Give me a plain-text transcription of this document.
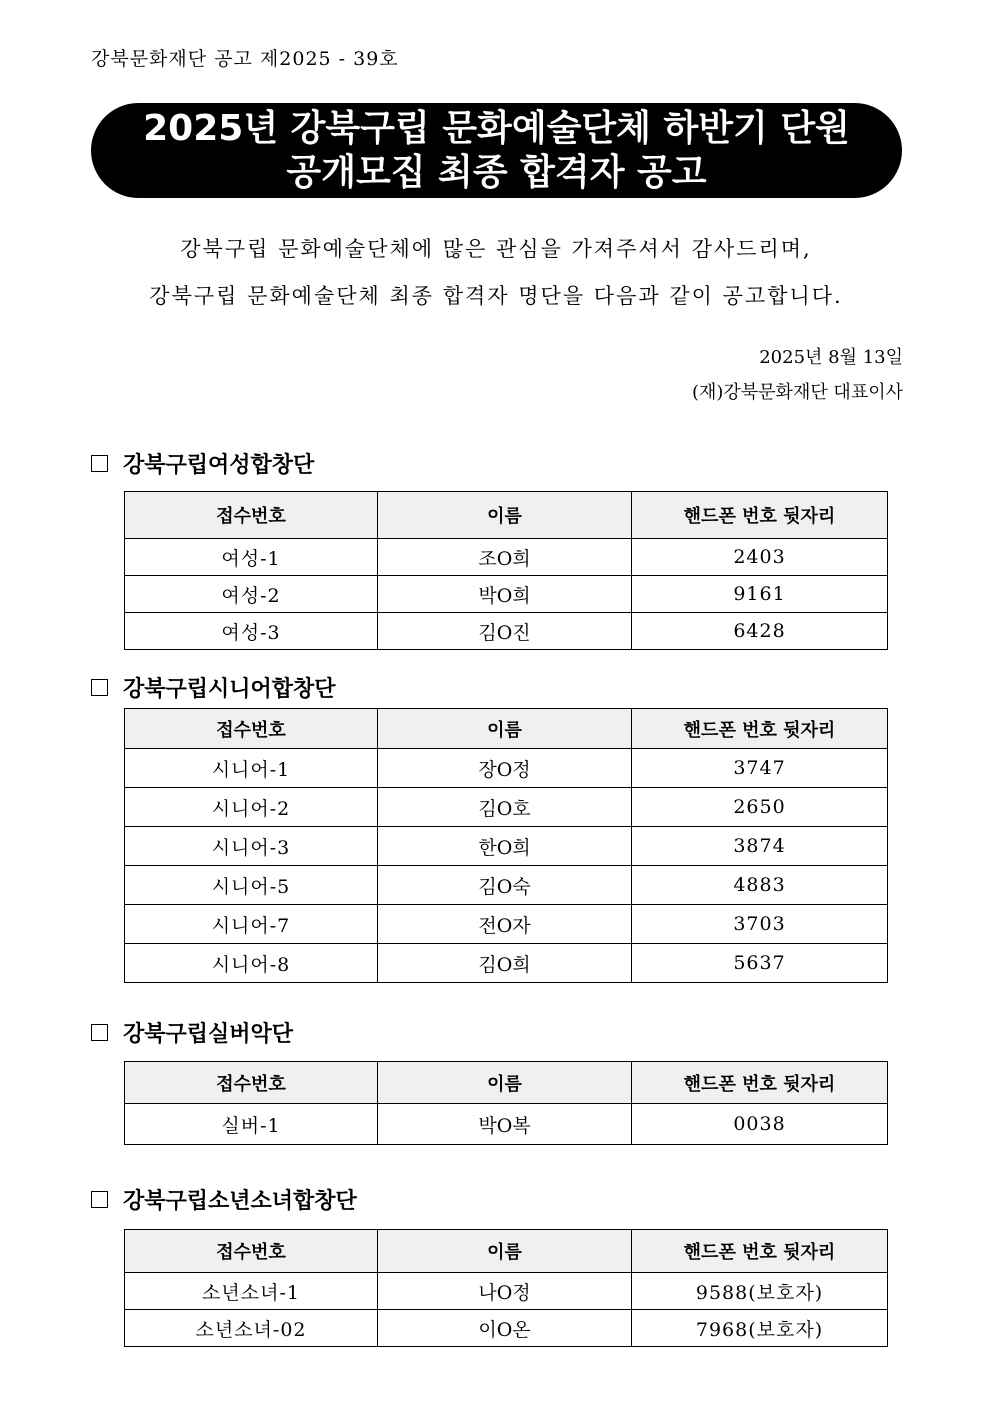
강북문화재단 공고 제2025 - 39호
2025년 강북구립 문화예술단체 하반기 단원
공개모집 최종 합격자 공고
강북구립 문화예술단체에 많은 관심을 가져주셔서 감사드리며,
강북구립 문화예술단체 최종 합격자 명단을 다음과 같이 공고합니다.
2025년 8월 13일
(재)강북문화재단 대표이사
강북구립여성합창단
접수번호	이름	핸드폰 번호 뒷자리
여성-1	조O희	2403
여성-2	박O희	9161
여성-3	김O진	6428
강북구립시니어합창단
접수번호	이름	핸드폰 번호 뒷자리
시니어-1	장O정	3747
시니어-2	김O호	2650
시니어-3	한O희	3874
시니어-5	김O숙	4883
시니어-7	전O자	3703
시니어-8	김O희	5637
강북구립실버악단
접수번호	이름	핸드폰 번호 뒷자리
실버-1	박O복	0038
강북구립소년소녀합창단
접수번호	이름	핸드폰 번호 뒷자리
소년소녀-1	나O정	9588(보호자)
소년소녀-02	이O온	7968(보호자)
